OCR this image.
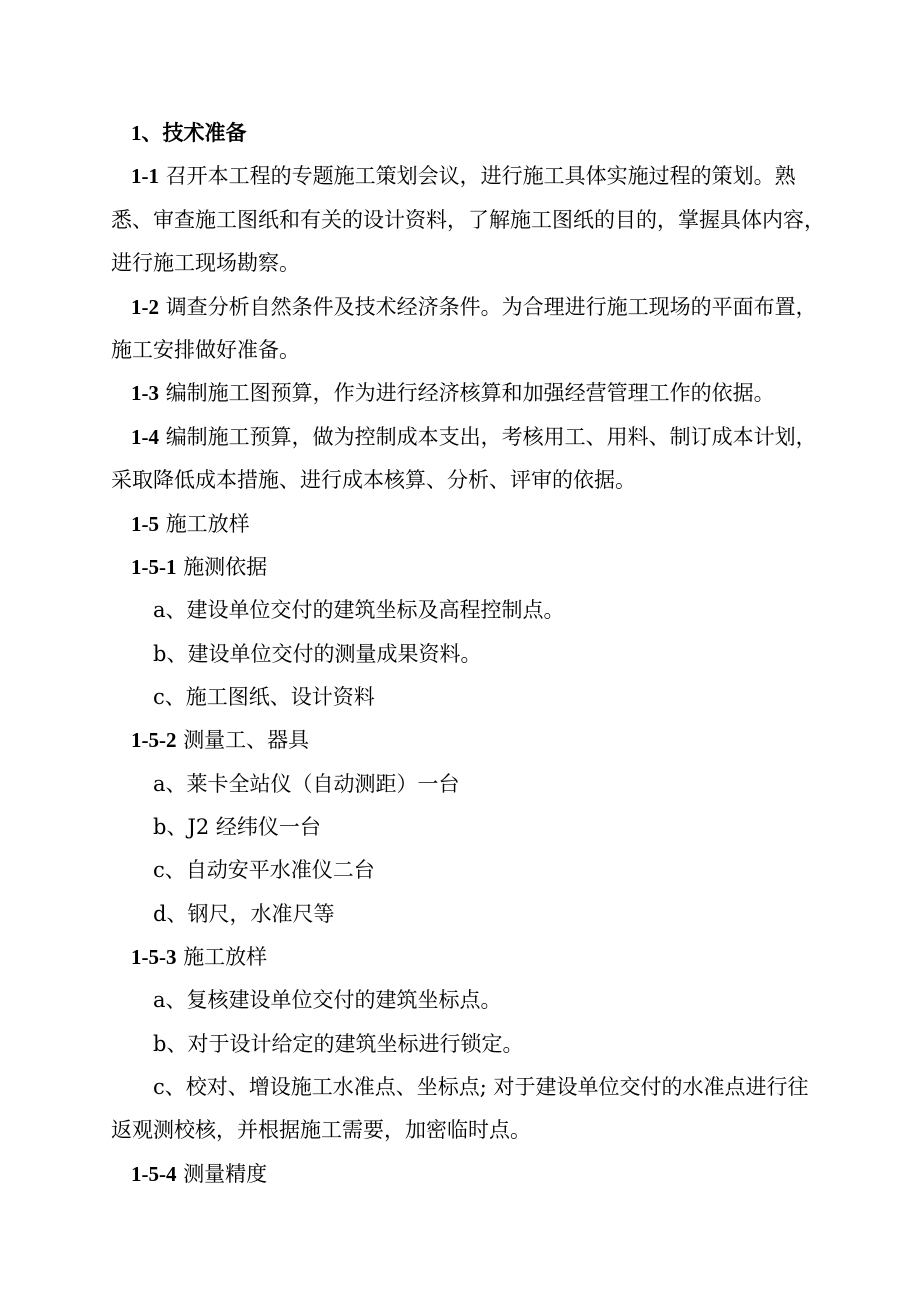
1、技术准备

1-1 召开本工程的专题施工策划会议，进行施工具体实施过程的策划。熟

悉、审查施工图纸和有关的设计资料，了解施工图纸的目的，掌握具体内容，

进行施工现场勘察。

1-2 调查分析自然条件及技术经济条件。为合理进行施工现场的平面布置，

施工安排做好准备。

1-3 编制施工图预算，作为进行经济核算和加强经营管理工作的依据。

1-4 编制施工预算，做为控制成本支出，考核用工、用料、制订成本计划，

采取降低成本措施、进行成本核算、分析、评审的依据。

1-5 施工放样

1-5-1 施测依据

a、建设单位交付的建筑坐标及高程控制点。

b、建设单位交付的测量成果资料。

c、施工图纸、设计资料

1-5-2 测量工、器具

a、莱卡全站仪（自动测距）一台

b、J2 经纬仪一台

c、自动安平水准仪二台

d、钢尺，水准尺等

1-5-3 施工放样

a、复核建设单位交付的建筑坐标点。

b、对于设计给定的建筑坐标进行锁定。

c、校对、增设施工水准点、坐标点; 对于建设单位交付的水准点进行往

返观测校核，并根据施工需要，加密临时点。

1-5-4 测量精度
